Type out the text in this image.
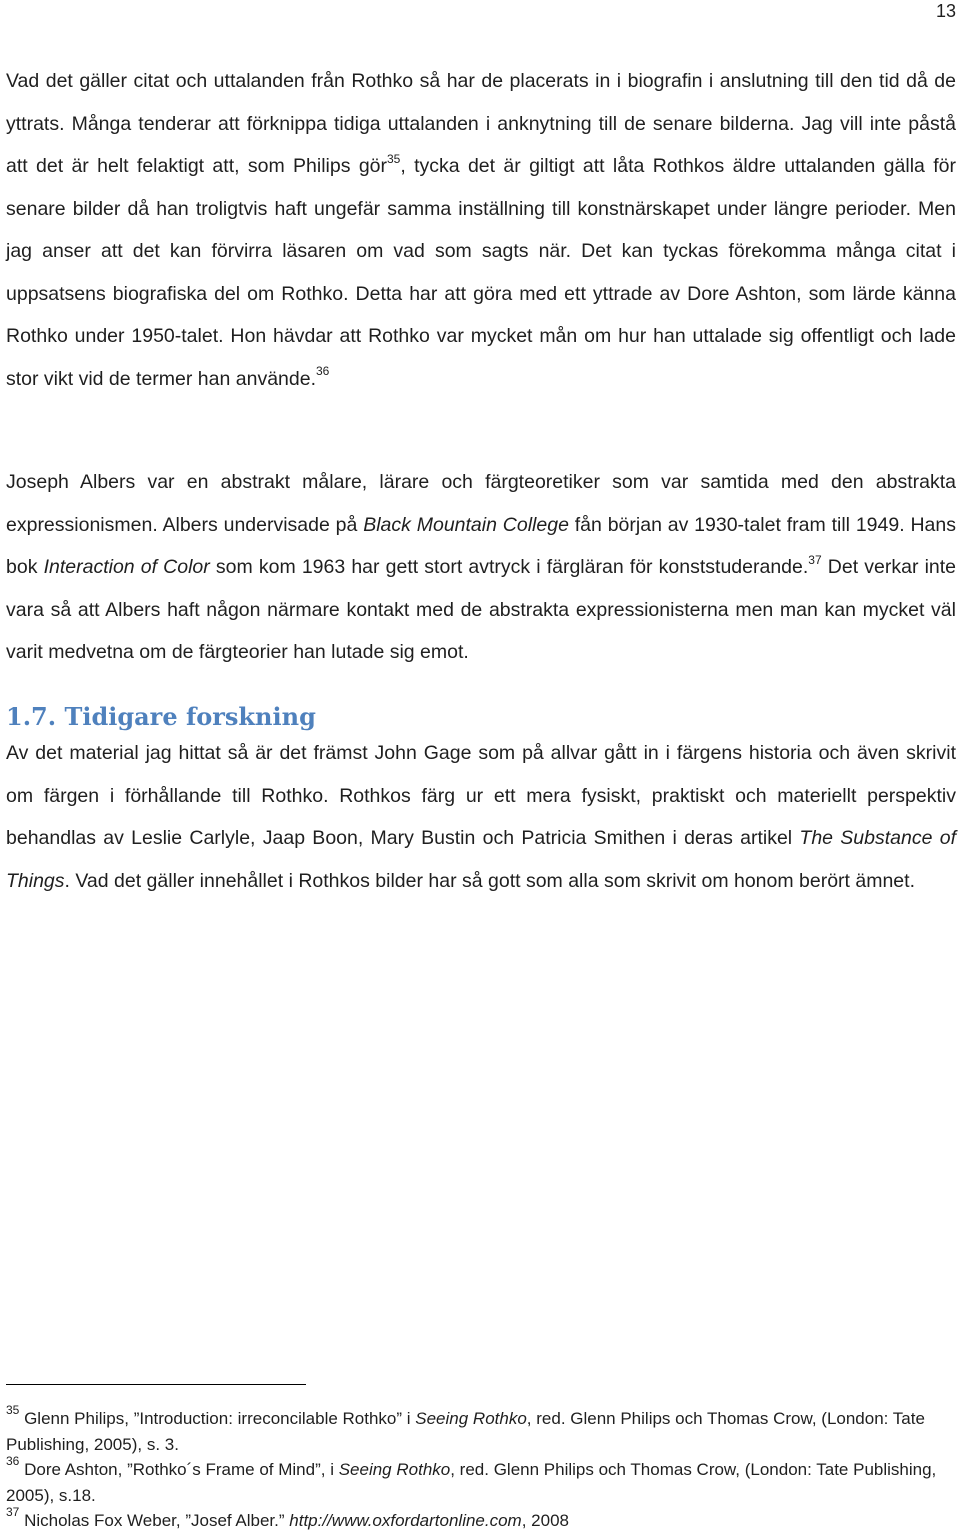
13
Vad det gäller citat och uttalanden från Rothko så har de placerats in i biografin i anslutning till den tid då de yttrats. Många tenderar att förknippa tidiga uttalanden i anknytning till de senare bilderna. Jag vill inte påstå att det är helt felaktigt att, som Philips gör$^{35}$, tycka det är giltigt att låta Rothkos äldre uttalanden gälla för senare bilder då han troligtvis haft ungefär samma inställning till konstnärskapet under längre perioder. Men jag anser att det kan förvirra läsaren om vad som sagts när. Det kan tyckas förekomma många citat i uppsatsens biografiska del om Rothko. Detta har att göra med ett yttrade av Dore Ashton, som lärde känna Rothko under 1950-talet. Hon hävdar att Rothko var mycket mån om hur han uttalade sig offentligt och lade stor vikt vid de termer han använde.$^{36}$
Joseph Albers var en abstrakt målare, lärare och färgteoretiker som var samtida med den abstrakta expressionismen. Albers undervisade på Black Mountain College fån början av 1930-talet fram till 1949. Hans bok Interaction of Color som kom 1963 har gett stort avtryck i färgläran för konststuderande.$^{37}$ Det verkar inte vara så att Albers haft någon närmare kontakt med de abstrakta expressionisterna men man kan mycket väl varit medvetna om de färgteorier han lutade sig emot.
1.7. Tidigare forskning
Av det material jag hittat så är det främst John Gage som på allvar gått in i färgens historia och även skrivit om färgen i förhållande till Rothko. Rothkos färg ur ett mera fysiskt, praktiskt och materiellt perspektiv behandlas av Leslie Carlyle, Jaap Boon, Mary Bustin och Patricia Smithen i deras artikel The Substance of Things. Vad det gäller innehållet i Rothkos bilder har så gott som alla som skrivit om honom berört ämnet.

$^{35}$ Glenn Philips, ”Introduction: irreconcilable Rothko” i Seeing Rothko, red. Glenn Philips och Thomas Crow, (London: Tate Publishing, 2005), s. 3.

$^{36}$ Dore Ashton, ”Rothko´s Frame of Mind”, i Seeing Rothko, red. Glenn Philips och Thomas Crow, (London: Tate Publishing, 2005), s.18.

$^{37}$ Nicholas Fox Weber, ”Josef Alber.” http://www.oxfordartonline.com, 2008
